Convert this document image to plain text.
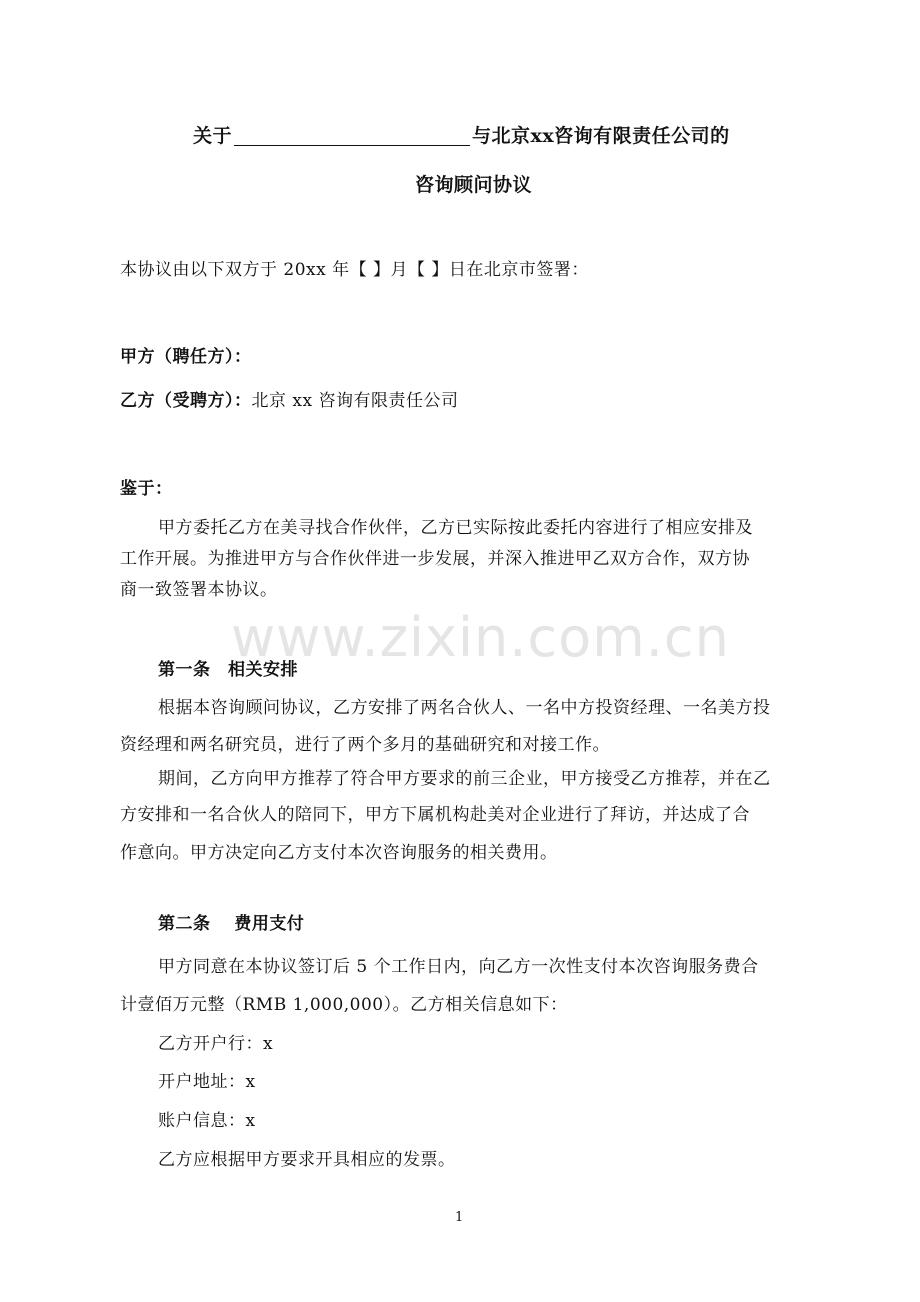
关于	与北京xx咨询有限责任公司的
咨询顾问协议
本协议由以下双方于 20xx 年【 】月【 】日在北京市签署：
甲方（聘任方）：
乙方（受聘方）：北京 xx 咨询有限责任公司
鉴于：
www.zixin.com.cn
甲方委托乙方在美寻找合作伙伴，乙方已实际按此委托内容进行了相应安排及
工作开展。为推进甲方与合作伙伴进一步发展，并深入推进甲乙双方合作，双方协
商一致签署本协议。
第一条　相关安排
根据本咨询顾问协议，乙方安排了两名合伙人、一名中方投资经理、一名美方投
资经理和两名研究员，进行了两个多月的基础研究和对接工作。
期间，乙方向甲方推荐了符合甲方要求的前三企业，甲方接受乙方推荐，并在乙
方安排和一名合伙人的陪同下，甲方下属机构赴美对企业进行了拜访，并达成了合
作意向。甲方决定向乙方支付本次咨询服务的相关费用。
第二条　 费用支付
甲方同意在本协议签订后 5 个工作日内，向乙方一次性支付本次咨询服务费合
计壹佰万元整（RMB 1,000,000）。乙方相关信息如下：
乙方开户行：x
开户地址：x
账户信息：x
乙方应根据甲方要求开具相应的发票。
1
